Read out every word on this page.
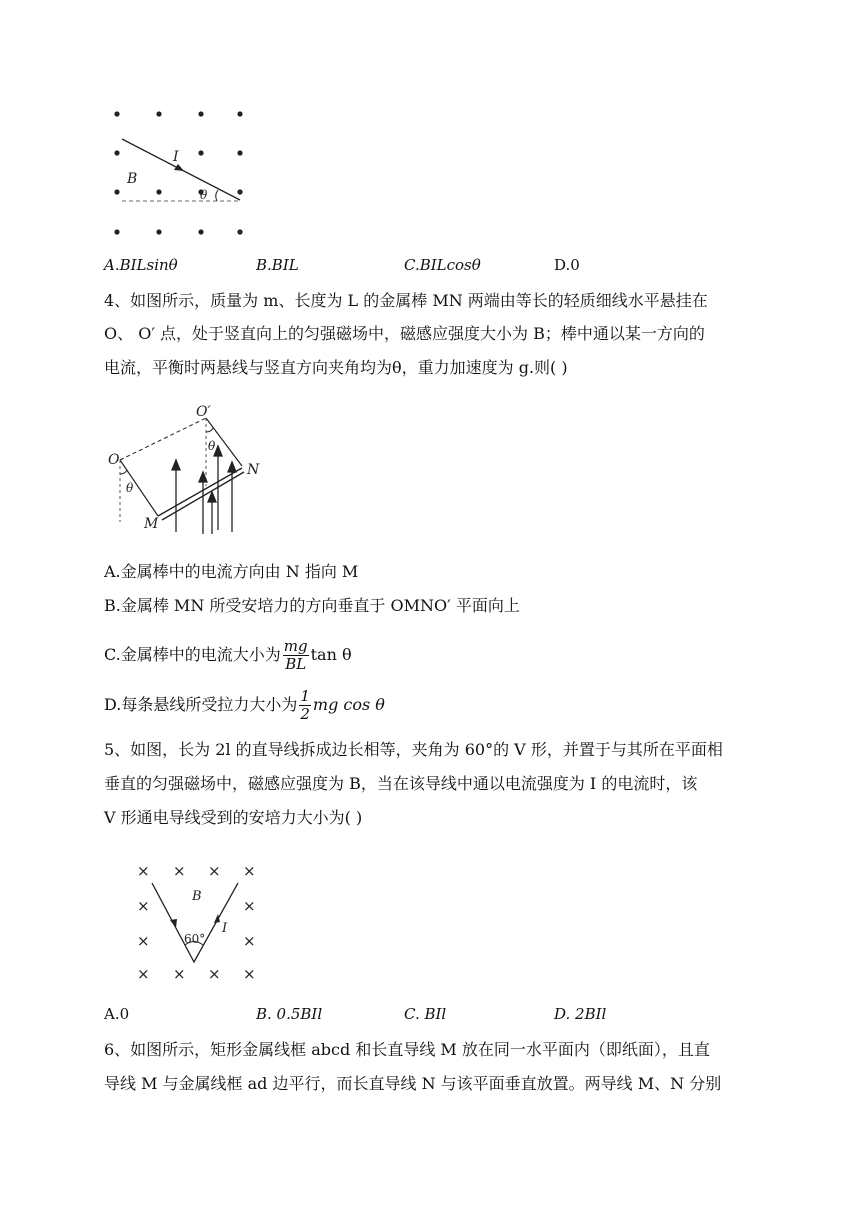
I
B
θ
A.BILsinθ	B.BIL	C.BILcosθ	D.0
4、如图所示，质量为 m、长度为 L 的金属棒 MN 两端由等长的轻质细线水平悬挂在
O、 O′ 点，处于竖直向上的匀强磁场中，磁感应强度大小为 B；棒中通以某一方向的
电流，平衡时两悬线与竖直方向夹角均为θ，重力加速度为 g.则( )
O
O′
M
N
θ
θ
A.金属棒中的电流方向由 N 指向 M
B.金属棒 MN 所受安培力的方向垂直于 OMNO′ 平面向上
C.金属棒中的电流大小为 $\frac{mg}{BL}$ tan θ
D.每条悬线所受拉力大小为 $\frac{1}{2}$ mg cos θ
5、如图，长为 2l 的直导线拆成边长相等，夹角为 60°的 V 形，并置于与其所在平面相
垂直的匀强磁场中，磁感应强度为 B，当在该导线中通以电流强度为 I 的电流时，该
V 形通电导线受到的安培力大小为( )
× × × ×
×	×
×	×
× × × ×
B
I
60°
A.0	B. 0.5BIl	C. BIl	D. 2BIl
6、如图所示，矩形金属线框 abcd 和长直导线 M 放在同一水平面内（即纸面），且直
导线 M 与金属线框 ad 边平行，而长直导线 N 与该平面垂直放置。两导线 M、N 分别
